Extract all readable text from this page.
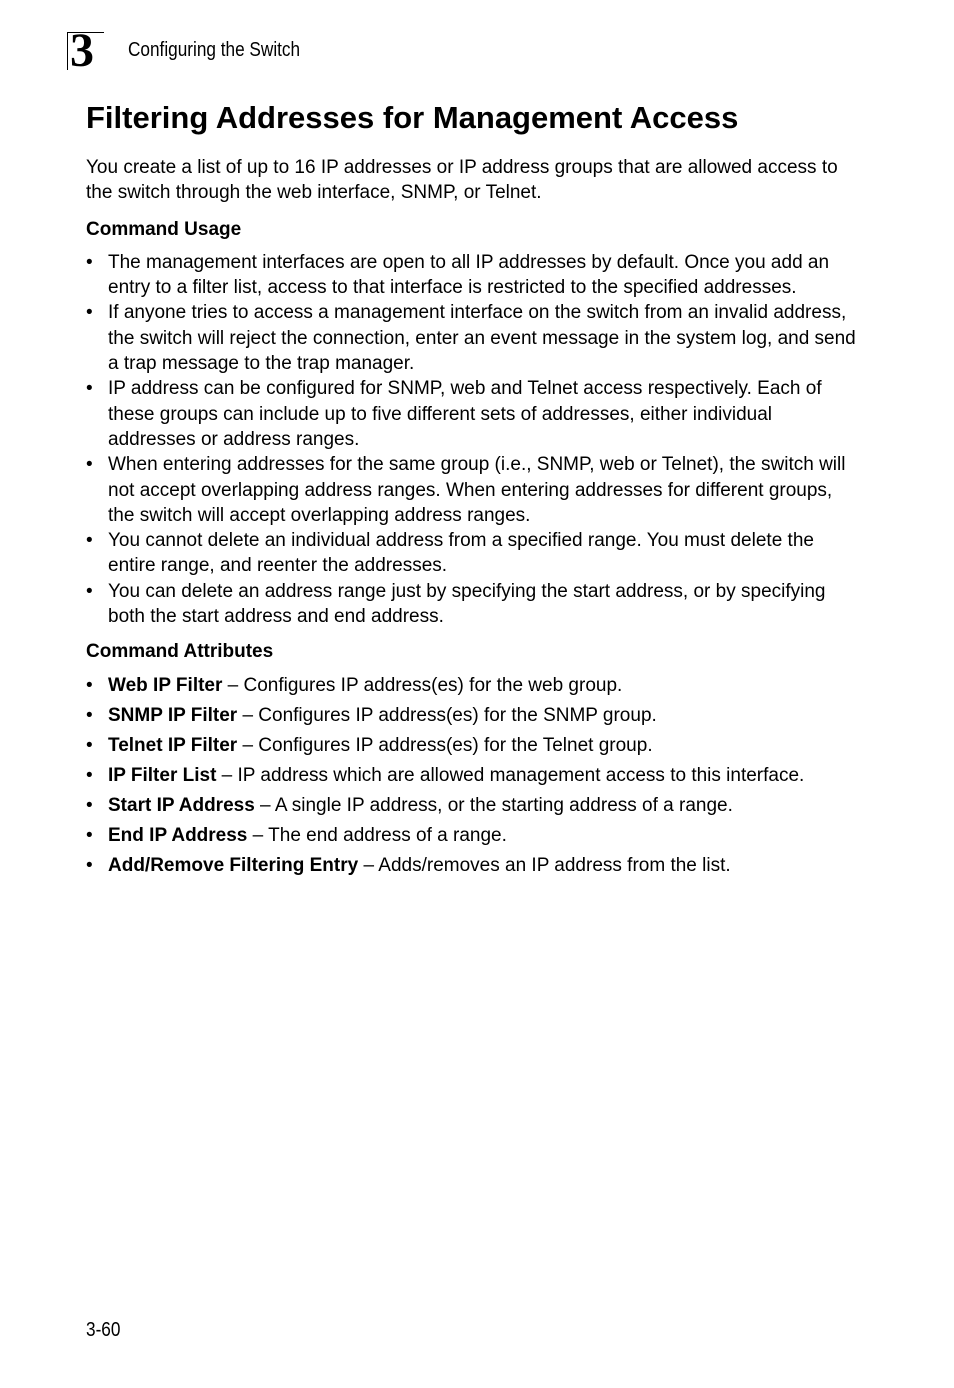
3 Configuring the Switch
Filtering Addresses for Management Access

You create a list of up to 16 IP addresses or IP address groups that are allowed access to the switch through the web interface, SNMP, or Telnet.

Command Usage
• The management interfaces are open to all IP addresses by default. Once you add an entry to a filter list, access to that interface is restricted to the specified addresses.
• If anyone tries to access a management interface on the switch from an invalid address, the switch will reject the connection, enter an event message in the system log, and send a trap message to the trap manager.
• IP address can be configured for SNMP, web and Telnet access respectively. Each of these groups can include up to five different sets of addresses, either individual addresses or address ranges.
• When entering addresses for the same group (i.e., SNMP, web or Telnet), the switch will not accept overlapping address ranges. When entering addresses for different groups, the switch will accept overlapping address ranges.
• You cannot delete an individual address from a specified range. You must delete the entire range, and reenter the addresses.
• You can delete an address range just by specifying the start address, or by specifying both the start address and end address.
Command Attributes
• Web IP Filter – Configures IP address(es) for the web group.
• SNMP IP Filter – Configures IP address(es) for the SNMP group.
• Telnet IP Filter – Configures IP address(es) for the Telnet group.
• IP Filter List – IP address which are allowed management access to this interface.
• Start IP Address – A single IP address, or the starting address of a range.
• End IP Address – The end address of a range.
• Add/Remove Filtering Entry – Adds/removes an IP address from the list.
3-60
